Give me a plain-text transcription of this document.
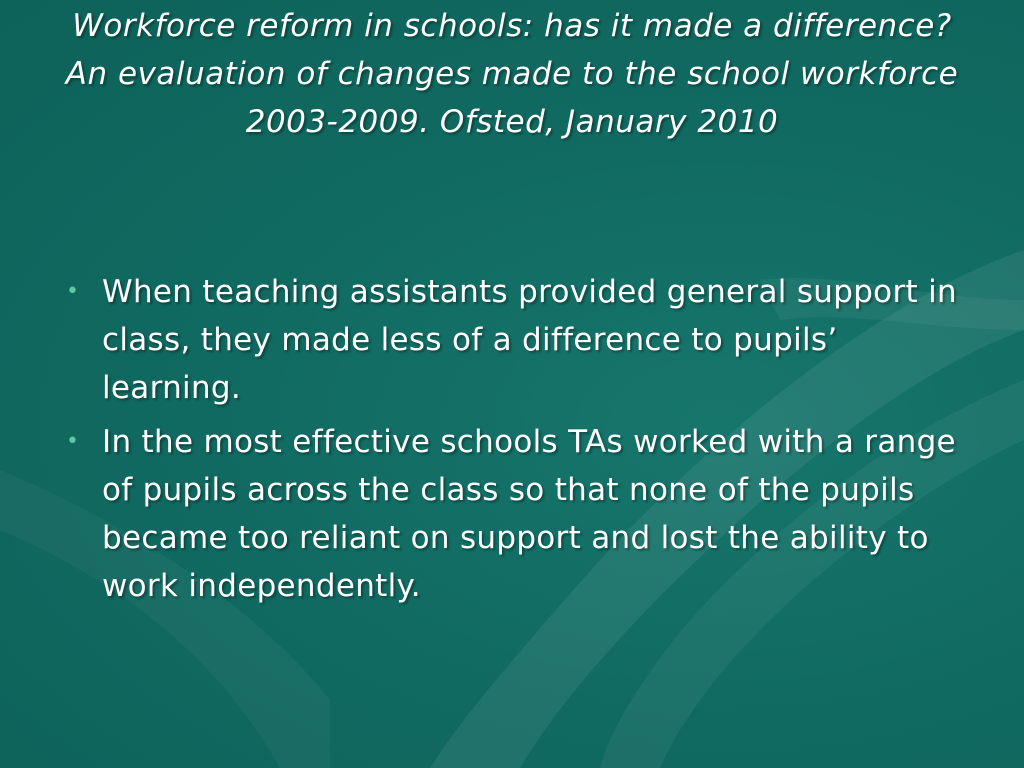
Workforce reform in schools: has it made a difference?
An evaluation of changes made to the school workforce 2003-2009. Ofsted, January 2010
• When teaching assistants provided general support in class, they made less of a difference to pupils’ learning.
• In the most effective schools TAs worked with a range of pupils across the class so that none of the pupils became too reliant on support and lost the ability to work independently.
